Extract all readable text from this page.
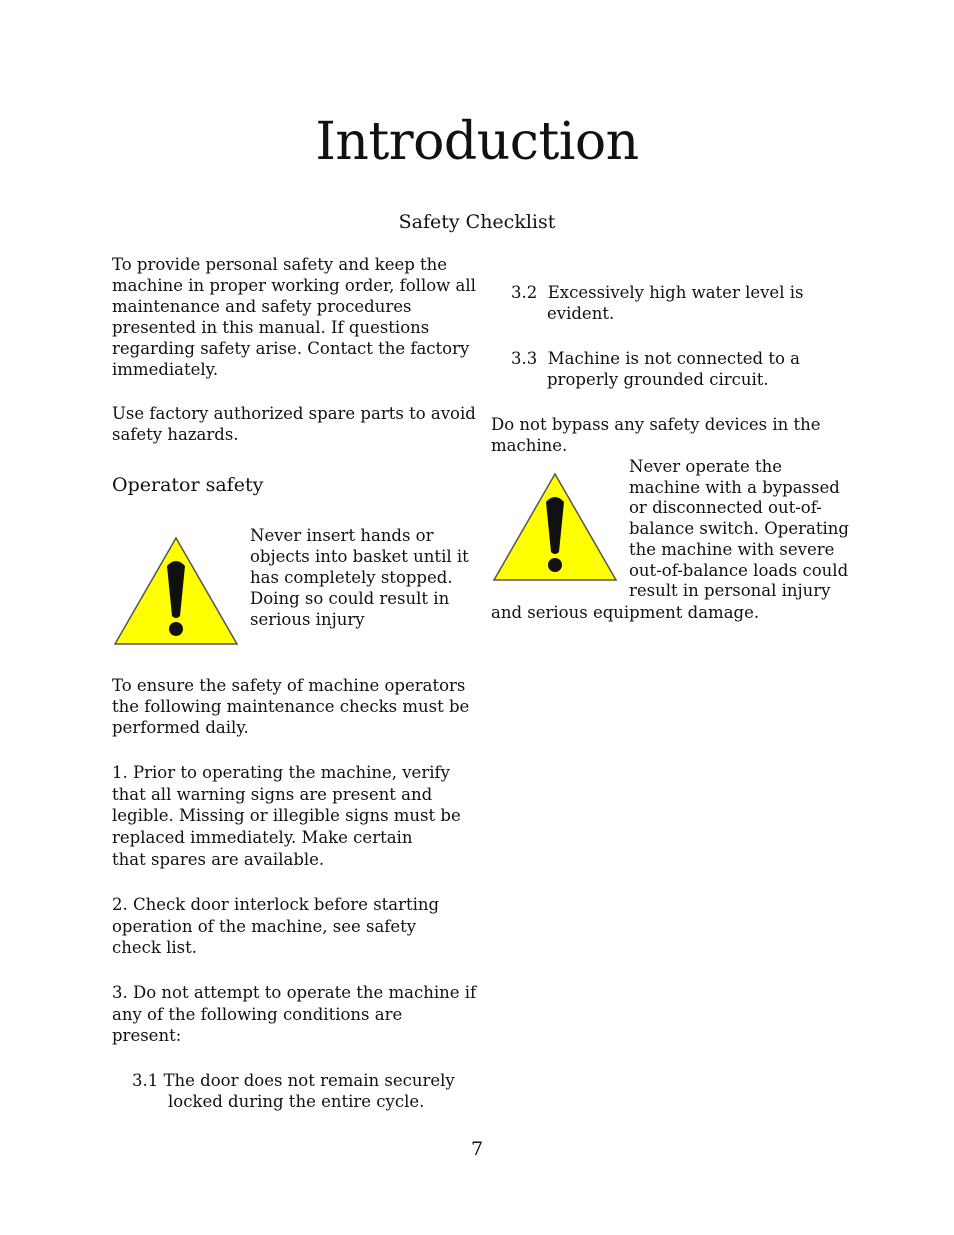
Introduction
Safety Checklist
To provide personal safety and keep the
machine in proper working order, follow all
maintenance and safety procedures
presented in this manual. If questions
regarding safety arise. Contact the factory
immediately.
Use factory authorized spare parts to avoid
safety hazards.
Operator safety
Never insert hands or
objects into basket until it
has completely stopped.
Doing so could result in
serious injury
To ensure the safety of machine operators
the following maintenance checks must be
performed daily.
1. Prior to operating the machine, verify
that all warning signs are present and
legible. Missing or illegible signs must be
replaced immediately. Make certain
that spares are available.
2. Check door interlock before starting
operation of the machine, see safety
check list.
3. Do not attempt to operate the machine if
any of the following conditions are
present:
3.1 The door does not remain securely
locked during the entire cycle.
3.2 Excessively high water level is
evident.
3.3 Machine is not connected to a
properly grounded circuit.
Do not bypass any safety devices in the
machine.
Never operate the
machine with a bypassed
or disconnected out-of-
balance switch. Operating
the machine with severe
out-of-balance loads could
result in personal injury
and serious equipment damage.
7
